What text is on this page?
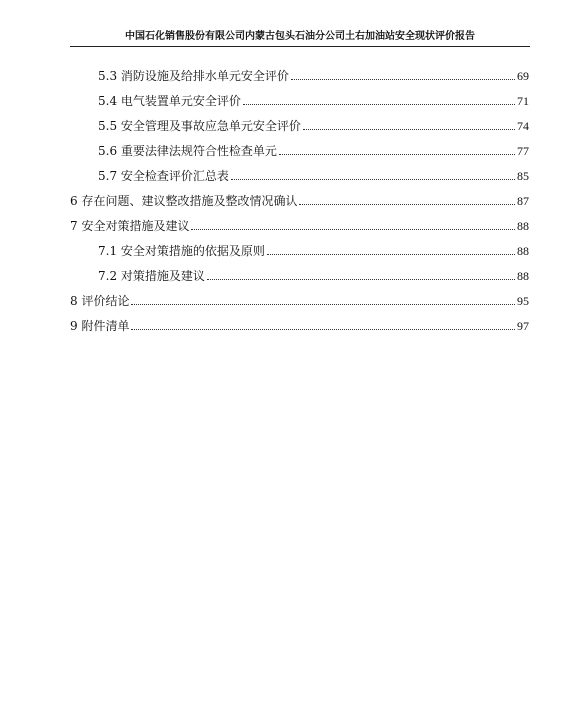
中国石化销售股份有限公司内蒙古包头石油分公司土右加油站安全现状评价报告
5.3 消防设施及给排水单元安全评价	69
5.4 电气装置单元安全评价	71
5.5 安全管理及事故应急单元安全评价	74
5.6 重要法律法规符合性检查单元	77
5.7 安全检查评价汇总表	85
6 存在问题、建议整改措施及整改情况确认	87
7 安全对策措施及建议	88
7.1 安全对策措施的依据及原则	88
7.2 对策措施及建议	88
8 评价结论	95
9 附件清单	97
